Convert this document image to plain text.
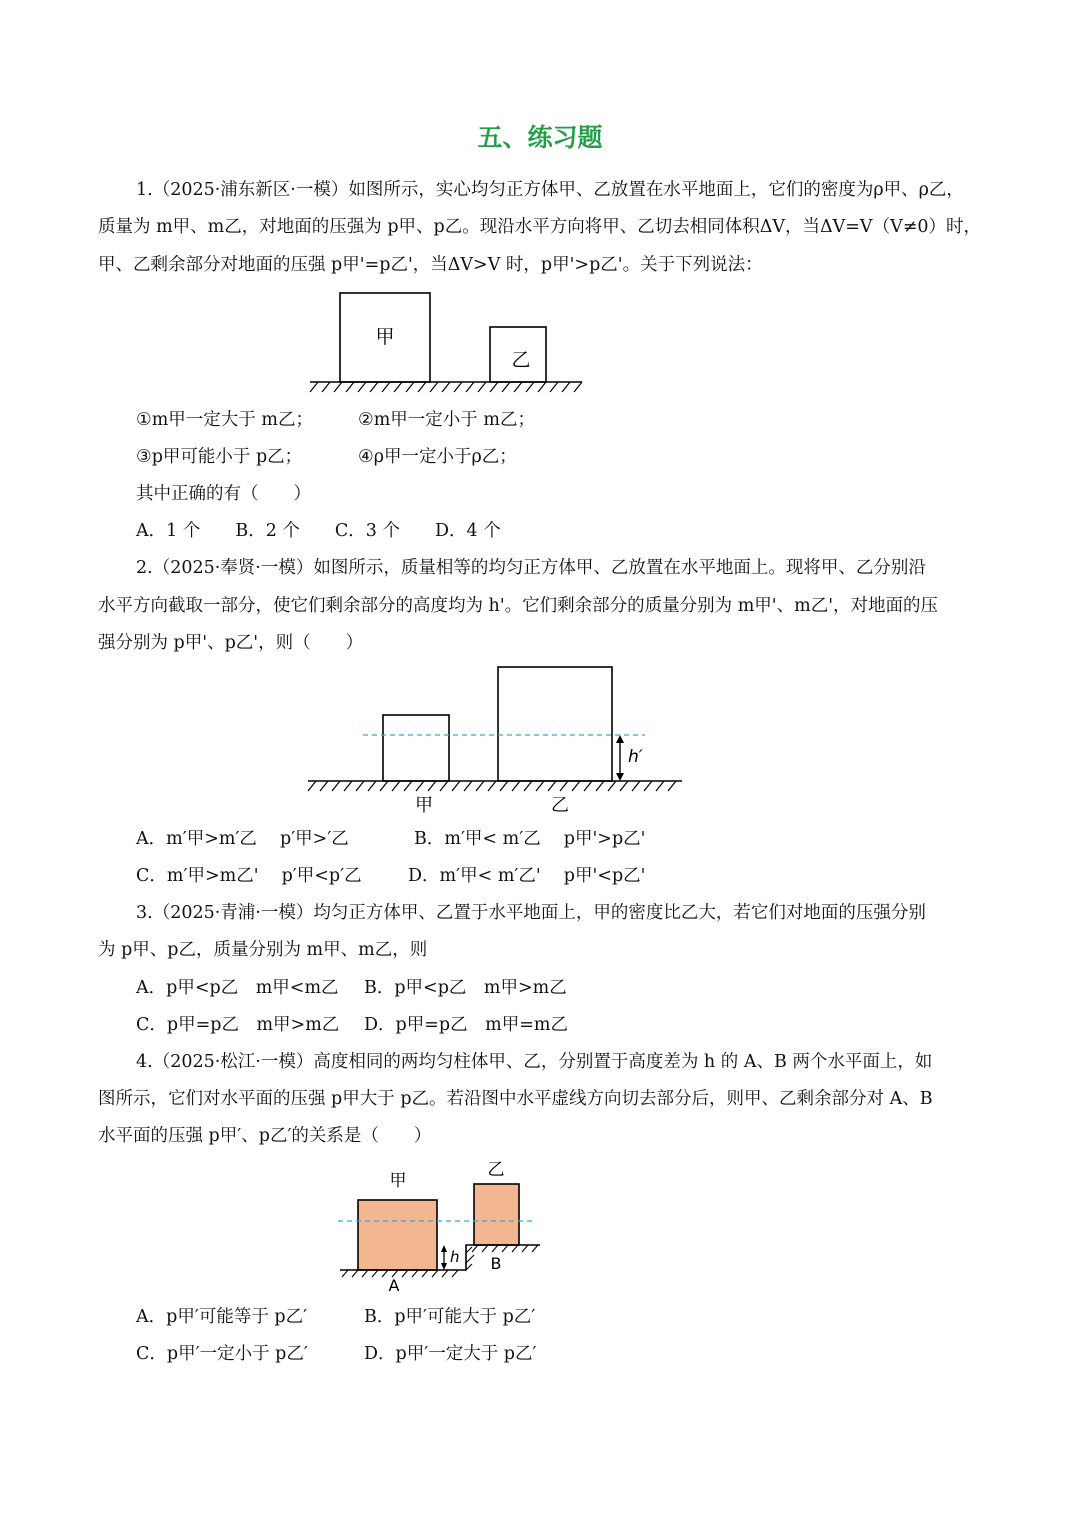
五、练习题
1.（2025·浦东新区·一模）如图所示，实心均匀正方体甲、乙放置在水平地面上，它们的密度为ρ甲、ρ乙，
质量为 m甲、m乙，对地面的压强为 p甲、p乙。现沿水平方向将甲、乙切去相同体积ΔV，当ΔV=V（V≠0）时，
甲、乙剩余部分对地面的压强 p甲'=p乙'，当ΔV>V 时，p甲'>p乙'。关于下列说法：
甲
乙
①m甲一定大于 m乙；	②m甲一定小于 m乙；
③p甲可能小于 p乙；	④ρ甲一定小于ρ乙；
其中正确的有（　　）
A．1 个　　B．2 个　　C．3 个　　D．4 个
2.（2025·奉贤·一模）如图所示，质量相等的均匀正方体甲、乙放置在水平地面上。现将甲、乙分别沿
水平方向截取一部分，使它们剩余部分的高度均为 h'。它们剩余部分的质量分别为 m甲'、m乙'，对地面的压
强分别为 p甲'、p乙'，则（　　）
h′
甲	乙
A．m′甲>m′乙　 p′甲>′乙	B．m′甲< m′乙　 p甲'>p乙'
C．m′甲>m乙'　 p′甲<p′乙	D．m′甲< m′乙'　 p甲'<p乙'
3.（2025·青浦·一模）均匀正方体甲、乙置于水平地面上，甲的密度比乙大，若它们对地面的压强分别
为 p甲、p乙，质量分别为 m甲、m乙，则
A．p甲<p乙　m甲<m乙 B．p甲<p乙　m甲>m乙
C．p甲=p乙　m甲>m乙 D．p甲=p乙　m甲=m乙
4.（2025·松江·一模）高度相同的两均匀柱体甲、乙，分别置于高度差为 h 的 A、B 两个水平面上，如
图所示，它们对水平面的压强 p甲大于 p乙。若沿图中水平虚线方向切去部分后，则甲、乙剩余部分对 A、B
水平面的压强 p甲′、p乙′的关系是（　　）
h
甲
乙
A
B
A．p甲′可能等于 p乙′	B．p甲′可能大于 p乙′
C．p甲′一定小于 p乙′	D．p甲′一定大于 p乙′
